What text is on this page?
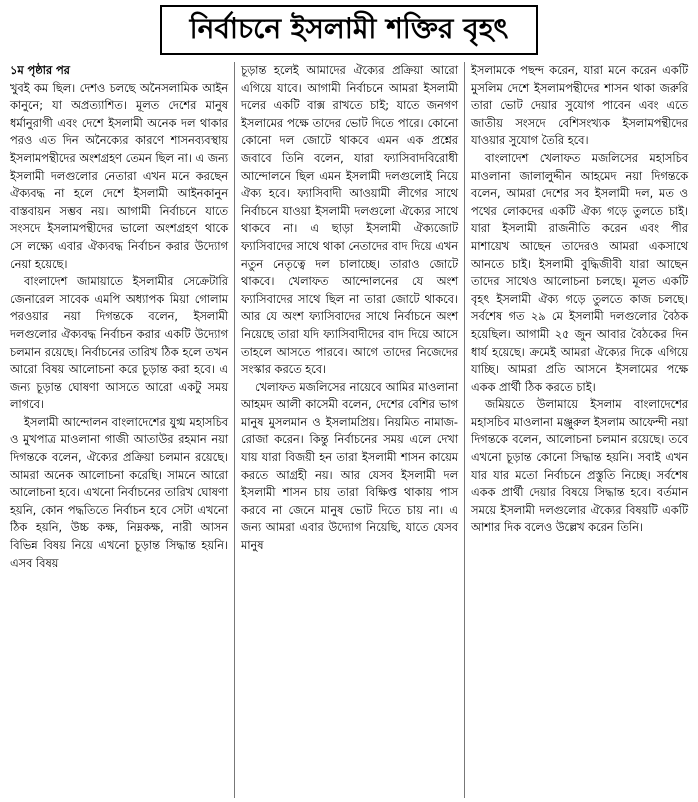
নির্বাচনে ইসলামী শক্তির বৃহৎ

১ম পৃষ্ঠার পর

খুবই কম ছিল। দেশও চলছে অনৈসলামিক আইন কানুনে; যা অপ্রত্যাশিত। মূলত দেশের মানুষ ধর্মানুরাগী এবং দেশে ইসলামী অনেক দল থাকার পরও এত দিন অনৈক্যের কারণে শাসনব্যবস্থায় ইসলামপন্থীদের অংশগ্রহণ তেমন ছিল না। এ জন্য ইসলামী দলগুলোর নেতারা এখন মনে করছেন ঐক্যবদ্ধ না হলে দেশে ইসলামী আইনকানুন বাস্তবায়ন সম্ভব নয়। আগামী নির্বাচনে যাতে সংসদে ইসলামপন্থীদের ভালো অংশগ্রহণ থাকে সে লক্ষ্যে এবার ঐক্যবদ্ধ নির্বাচন করার উদ্যোগ নেয়া হয়েছে।

বাংলাদেশ জামায়াতে ইসলামীর সেক্রেটারি জেনারেল সাবেক এমপি অধ্যাপক মিয়া গোলাম পরওয়ার নয়া দিগন্তকে বলেন, ইসলামী দলগুলোর ঐক্যবদ্ধ নির্বাচন করার একটি উদ্যোগ চলমান রয়েছে। নির্বাচনের তারিখ ঠিক হলে তখন আরো বিষয় আলোচনা করে চূড়ান্ত করা হবে। এ জন্য চূড়ান্ত ঘোষণা আসতে আরো একটু সময় লাগবে।

ইসলামী আন্দোলন বাংলাদেশের যুগ্ম মহাসচিব ও মুখপাত্র মাওলানা গাজী আতাউর রহমান নয়া দিগন্তকে বলেন, ঐক্যের প্রক্রিয়া চলমান রয়েছে। আমরা অনেক আলোচনা করেছি। সামনে আরো আলোচনা হবে। এখনো নির্বাচনের তারিখ ঘোষণা হয়নি, কোন পদ্ধতিতে নির্বাচন হবে সেটা এখনো ঠিক হয়নি, উচ্চ কক্ষ, নিম্নকক্ষ, নারী আসন বিভিন্ন বিষয় নিয়ে এখনো চূড়ান্ত সিদ্ধান্ত হয়নি। এসব বিষয়

চূড়ান্ত হলেই আমাদের ঐক্যের প্রক্রিয়া আরো এগিয়ে যাবে। আগামী নির্বাচনে আমরা ইসলামী দলের একটি বাক্স রাখতে চাই; যাতে জনগণ ইসলামের পক্ষে তাদের ভোট দিতে পারে। কোনো কোনো দল জোটে থাকবে এমন এক প্রশ্নের জবাবে তিনি বলেন, যারা ফ্যাসিবাদবিরোধী আন্দোলনে ছিল এমন ইসলামী দলগুলোই নিয়ে ঐক্য হবে। ফ্যাসিবাদী আওয়ামী লীগের সাথে নির্বাচনে যাওয়া ইসলামী দলগুলো ঐক্যের সাথে থাকবে না। এ ছাড়া ইসলামী ঐক্যজোট ফ্যাসিবাদের সাথে থাকা নেতাদের বাদ দিয়ে এখন নতুন নেতৃত্বে দল চালাচ্ছে। তারাও জোটে থাকবে। খেলাফত আন্দোলনের যে অংশ ফ্যাসিবাদের সাথে ছিল না তারা জোটে থাকবে। আর যে অংশ ফ্যাসিবাদের সাথে নির্বাচনে অংশ নিয়েছে তারা যদি ফ্যাসিবাদীদের বাদ দিয়ে আসে তাহলে আসতে পারবে। আগে তাদের নিজেদের সংস্কার করতে হবে।

খেলাফত মজলিসের নায়েবে আমির মাওলানা আহমদ আলী কাসেমী বলেন, দেশের বেশির ভাগ মানুষ মুসলমান ও ইসলামপ্রিয়। নিয়মিত নামাজ-রোজা করেন। কিন্তু নির্বাচনের সময় এলে দেখা যায় যারা বিজয়ী হন তারা ইসলামী শাসন কায়েম করতে আগ্রহী নয়। আর যেসব ইসলামী দল ইসলামী শাসন চায় তারা বিক্ষিপ্ত থাকায় পাস করবে না জেনে মানুষ ভোট দিতে চায় না। এ জন্য আমরা এবার উদ্যোগ নিয়েছি, যাতে যেসব মানুষ

ইসলামকে পছন্দ করেন, যারা মনে করেন একটি মুসলিম দেশে ইসলামপন্থীদের শাসন থাকা জরুরি তারা ভোট দেয়ার সুযোগ পাবেন এবং এতে জাতীয় সংসদে বেশিসংখ্যক ইসলামপন্থীদের যাওয়ার সুযোগ তৈরি হবে।

বাংলাদেশ খেলাফত মজলিসের মহাসচিব মাওলানা জালালুদ্দীন আহমেদ নয়া দিগন্তকে বলেন, আমরা দেশের সব ইসলামী দল, মত ও পথের লোকদের একটি ঐক্য গড়ে তুলতে চাই। যারা ইসলামী রাজনীতি করেন এবং পীর মাশায়েখ আছেন তাদেরও আমরা একসাথে আনতে চাই। ইসলামী বুদ্ধিজীবী যারা আছেন তাদের সাথেও আলোচনা চলছে। মূলত একটি বৃহৎ ইসলামী ঐক্য গড়ে তুলতে কাজ চলছে। সর্বশেষ গত ২৯ মে ইসলামী দলগুলোর বৈঠক হয়েছিল। আগামী ২৫ জুন আবার বৈঠকের দিন ধার্য হয়েছে। ক্রমেই আমরা ঐক্যের দিকে এগিয়ে যাচ্ছি। আমরা প্রতি আসনে ইসলামের পক্ষে একক প্রার্থী ঠিক করতে চাই।

জমিয়তে উলামায়ে ইসলাম বাংলাদেশের মহাসচিব মাওলানা মঞ্জুরুল ইসলাম আফেন্দী নয়া দিগন্তকে বলেন, আলোচনা চলমান রয়েছে। তবে এখনো চূড়ান্ত কোনো সিদ্ধান্ত হয়নি। সবাই এখন যার যার মতো নির্বাচনে প্রস্তুতি নিচ্ছে। সর্বশেষ একক প্রার্থী দেয়ার বিষয়ে সিদ্ধান্ত হবে। বর্তমান সময়ে ইসলামী দলগুলোর ঐক্যের বিষয়টি একটি আশার দিক বলেও উল্লেখ করেন তিনি।
